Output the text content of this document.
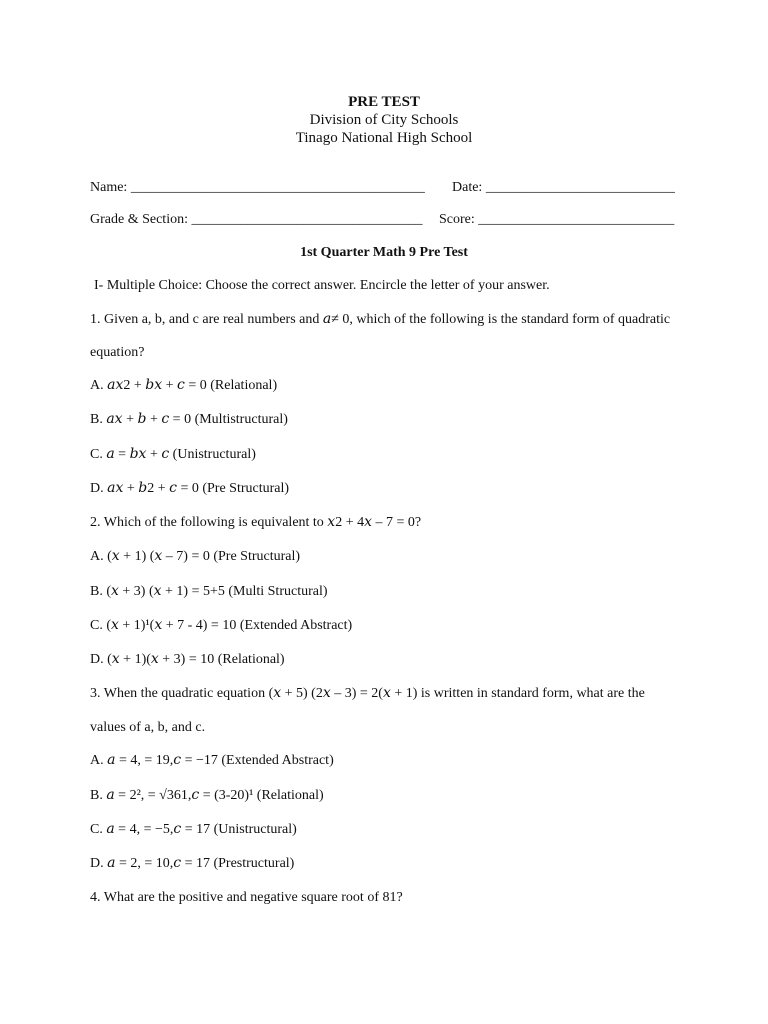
PRE TEST
Division of City Schools
Tinago National High School
Name: __________________________________________ Date: ___________________________
Grade & Section: _________________________________ Score: ____________________________
1st Quarter Math 9 Pre Test
I- Multiple Choice: Choose the correct answer. Encircle the letter of your answer.
1. Given a, b, and c are real numbers and 𝑎≠ 0, which of the following is the standard form of quadratic
equation?
A. 𝑎𝑥2 + 𝑏𝑥 + 𝑐 = 0 (Relational)
B. 𝑎𝑥 + 𝑏 + 𝑐 = 0 (Multistructural)
C. 𝑎 = 𝑏𝑥 + 𝑐 (Unistructural)
D. 𝑎𝑥 + 𝑏2 + 𝑐 = 0 (Pre Structural)
2. Which of the following is equivalent to 𝑥2 + 4𝑥 – 7 = 0?
A. (𝑥 + 1) (𝑥 – 7) = 0 (Pre Structural)
B. (𝑥 + 3) (𝑥 + 1) = 5+5 (Multi Structural)
C. (𝑥 + 1)¹(𝑥 + 7 - 4) = 10 (Extended Abstract)
D. (𝑥 + 1)(𝑥 + 3) = 10 (Relational)
3. When the quadratic equation (𝑥 + 5) (2𝑥 – 3) = 2(𝑥 + 1) is written in standard form, what are the
values of a, b, and c.
A. 𝑎 = 4, = 19,𝑐 = −17 (Extended Abstract)
B. 𝑎 = 2², = √361,𝑐 = (3-20)¹ (Relational)
C. 𝑎 = 4, = −5,𝑐 = 17 (Unistructural)
D. 𝑎 = 2, = 10,𝑐 = 17 (Prestructural)
4. What are the positive and negative square root of 81?
